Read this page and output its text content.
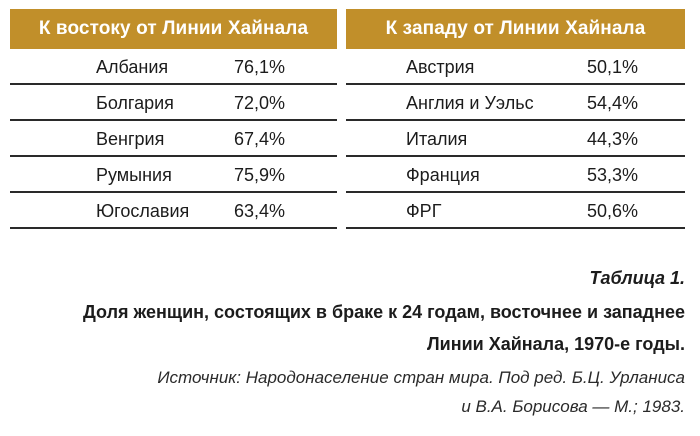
К востоку от Линии Хайнала
Албания	76,1%
Болгария	72,0%
Венгрия	67,4%
Румыния	75,9%
Югославия 63,4%
К западу от Линии Хайнала
Австрия	50,1%
Англия и Уэльс	54,4%
Италия	44,3%
Франция	53,3%
ФРГ	50,6%
Таблица 1.
Доля женщин, состоящих в браке к 24 годам, восточнее и западнее
Линии Хайнала, 1970-е годы.
Источник: Народонаселение стран мира. Под ред. Б.Ц. Урланиса
и В.А. Борисова — М.; 1983.
